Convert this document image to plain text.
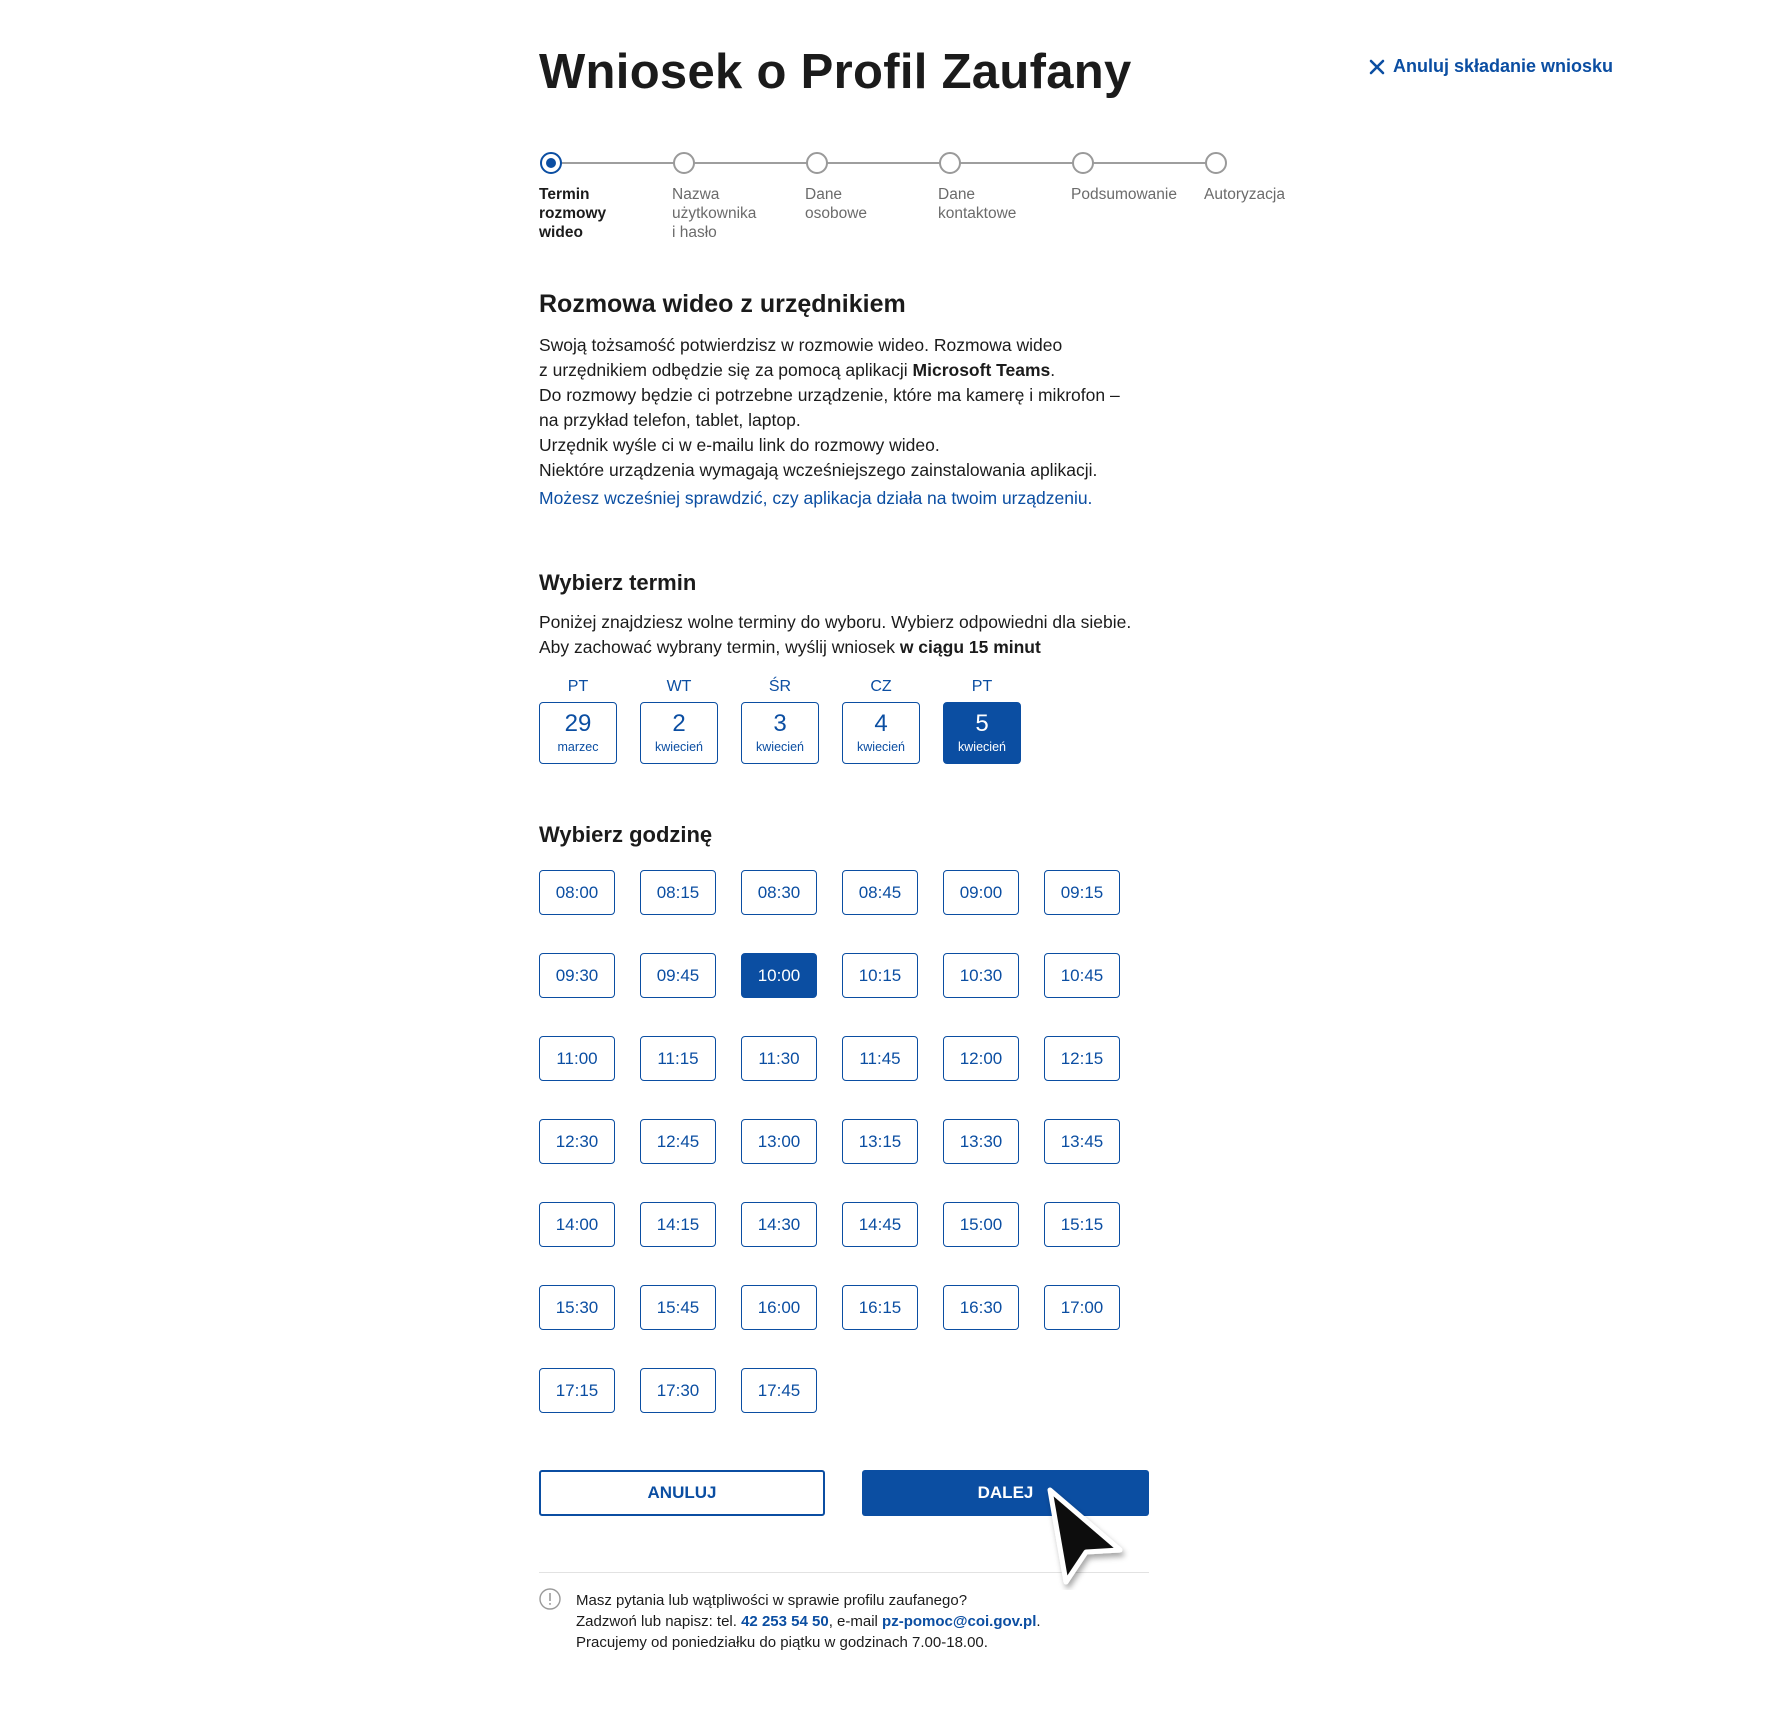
Wniosek o Profil Zaufany	Anuluj składanie wniosku
Termin
rozmowy
wideo
Nazwa
użytkownika
i hasło
Dane
osobowe
Dane
kontaktowe
Podsumowanie Autoryzacja
Rozmowa wideo z urzędnikiem

Swoją tożsamość potwierdzisz w rozmowie wideo. Rozmowa wideo
z urzędnikiem odbędzie się za pomocą aplikacji Microsoft Teams.
Do rozmowy będzie ci potrzebne urządzenie, które ma kamerę i mikrofon –
na przykład telefon, tablet, laptop.
Urzędnik wyśle ci w e-mailu link do rozmowy wideo.
Niektóre urządzenia wymagają wcześniejszego zainstalowania aplikacji.

Możesz wcześniej sprawdzić, czy aplikacja działa na twoim urządzeniu.
Wybierz termin

Poniżej znajdziesz wolne terminy do wyboru. Wybierz odpowiedni dla siebie.
Aby zachować wybrany termin, wyślij wniosek w ciągu 15 minut

PT
29
marzec
WT
2
kwiecień
ŚR
3
kwiecień
CZ
4
kwiecień
PT
5
kwiecień
Wybierz godzinę
08:00	08:15	08:30	08:45	09:00	09:15
09:30	09:45	10:00	10:15	10:30	10:45
11:00	11:15	11:30	11:45	12:00	12:15
12:30	12:45	13:00	13:15	13:30	13:45
14:00	14:15	14:30	14:45	15:00	15:15
15:30	15:45	16:00	16:15	16:30	17:00
17:15	17:30	17:45
ANULUJ	DALEJ
Masz pytania lub wątpliwości w sprawie profilu zaufanego?
Zadzwoń lub napisz: tel. 42 253 54 50, e-mail pz-pomoc@coi.gov.pl.
Pracujemy od poniedziałku do piątku w godzinach 7.00-18.00.
